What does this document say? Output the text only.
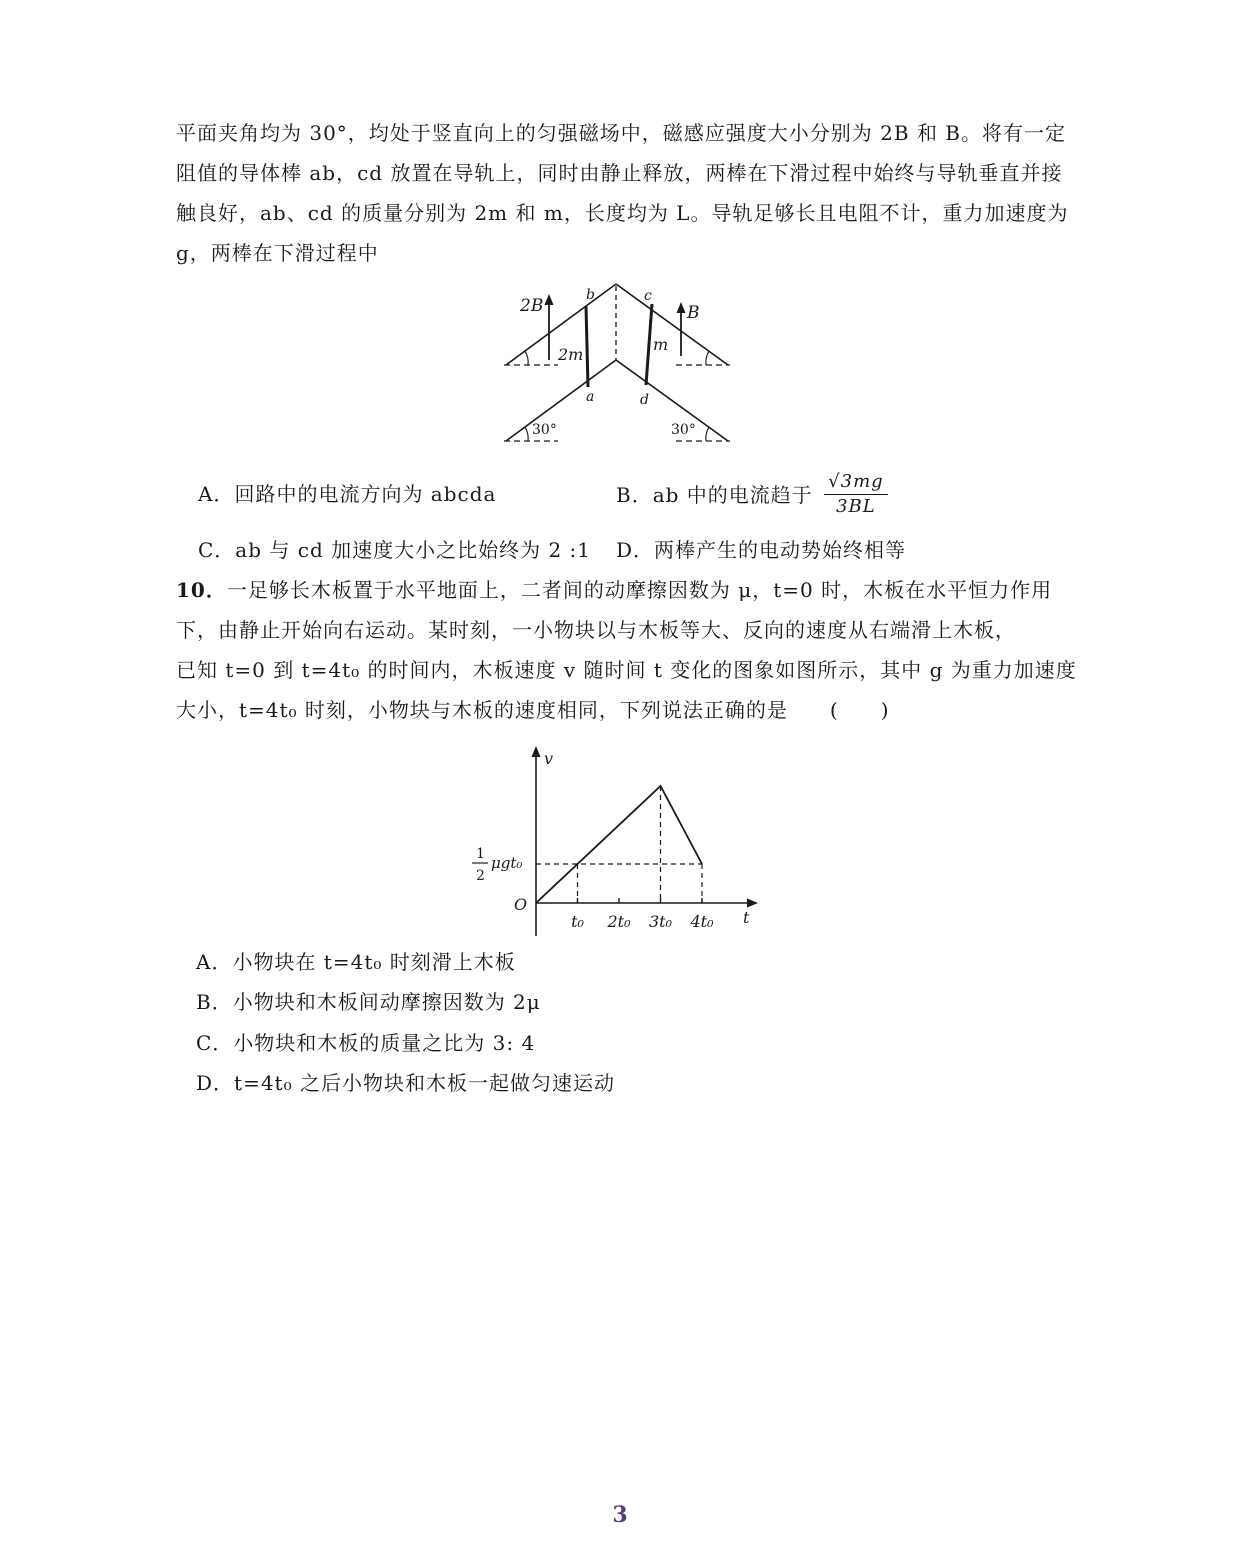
平面夹角均为 30°，均处于竖直向上的匀强磁场中，磁感应强度大小分别为 2B 和 B。将有一定
阻值的导体棒 ab，cd 放置在导轨上，同时由静止释放，两棒在下滑过程中始终与导轨垂直并接
触良好，ab、cd 的质量分别为 2m 和 m，长度均为 L。导轨足够长且电阻不计，重力加速度为
g，两棒在下滑过程中
2B	B
2m
m
a
b	c
d
30°	30°
A．回路中的电流方向为 abcda	B．ab 中的电流趋于 $\frac{√3mg}{3BL}$
C．ab 与 cd 加速度大小之比始终为 2 :1 D．两棒产生的电动势始终相等
10．一足够长木板置于水平地面上，二者间的动摩擦因数为 μ，t=0 时，木板在水平恒力作用
下，由静止开始向右运动。某时刻，一小物块以与木板等大、反向的速度从右端滑上木板，
已知 t=0 到 t=4t₀ 的时间内，木板速度 v 随时间 t 变化的图象如图所示，其中 g 为重力加速度
大小，t=4t₀ 时刻，小物块与木板的速度相同，下列说法正确的是　　(　　)
t₀ 2t₀ 3t₀ 4t₀
v
t
O
1
2
μgt₀
A．小物块在 t=4t₀ 时刻滑上木板
B．小物块和木板间动摩擦因数为 2μ
C．小物块和木板的质量之比为 3: 4
D．t=4t₀ 之后小物块和木板一起做匀速运动
3
